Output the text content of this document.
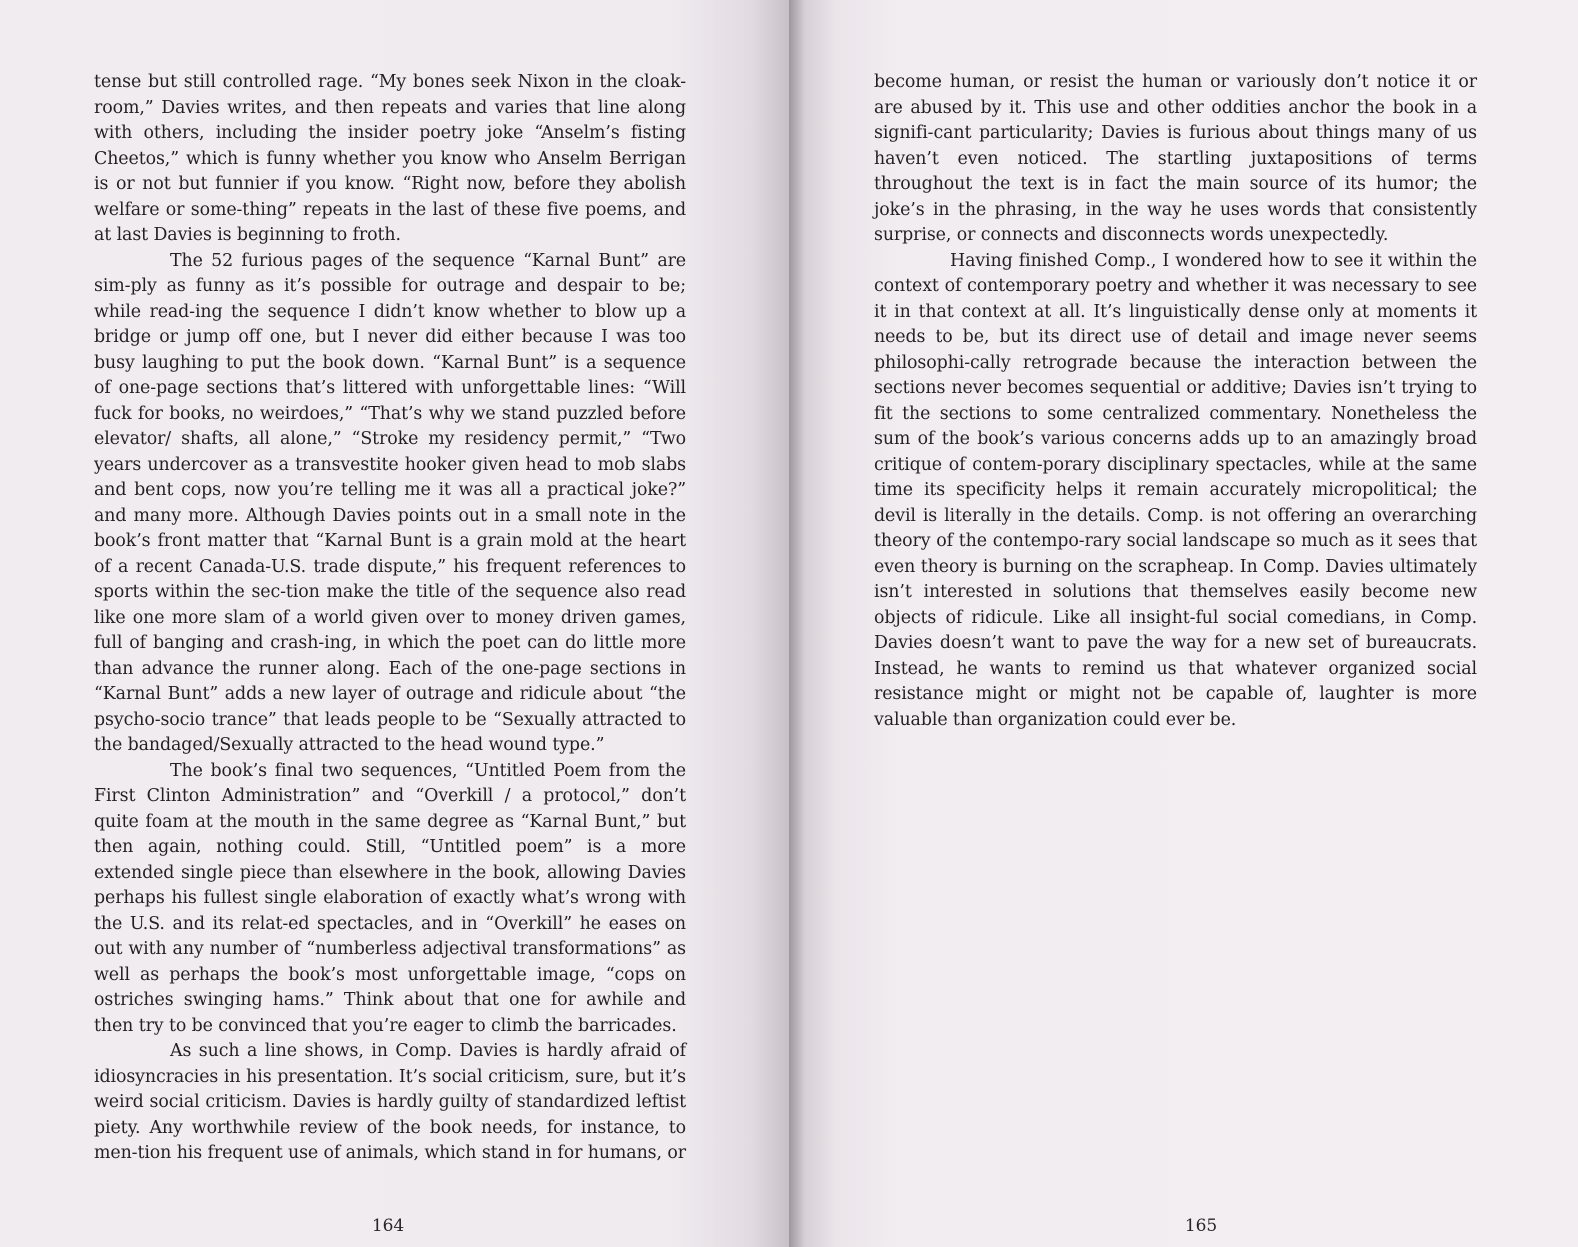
tense but still controlled rage. “My bones seek Nixon in the cloak-room,” Davies writes, and then repeats and varies that line along with others, including the insider poetry joke “Anselm’s fisting Cheetos,” which is funny whether you know who Anselm Berrigan is or not but funnier if you know. “Right now, before they abolish welfare or some-thing” repeats in the last of these five poems, and at last Davies is beginning to froth.

The 52 furious pages of the sequence “Karnal Bunt” are sim-ply as funny as it’s possible for outrage and despair to be; while read-ing the sequence I didn’t know whether to blow up a bridge or jump off one, but I never did either because I was too busy laughing to put the book down. “Karnal Bunt” is a sequence of one-page sections that’s littered with unforgettable lines: “Will fuck for books, no weirdoes,” “That’s why we stand puzzled before elevator/ shafts, all alone,” “Stroke my residency permit,” “Two years undercover as a transvestite hooker given head to mob slabs and bent cops, now you’re telling me it was all a practical joke?” and many more. Although Davies points out in a small note in the book’s front matter that “Karnal Bunt is a grain mold at the heart of a recent Canada-U.S. trade dispute,” his frequent references to sports within the sec-tion make the title of the sequence also read like one more slam of a world given over to money driven games, full of banging and crash-ing, in which the poet can do little more than advance the runner along. Each of the one-page sections in “Karnal Bunt” adds a new layer of outrage and ridicule about “the psycho-socio trance” that leads people to be “Sexually attracted to the bandaged/Sexually attracted to the head wound type.”

The book’s final two sequences, “Untitled Poem from the First Clinton Administration” and “Overkill / a protocol,” don’t quite foam at the mouth in the same degree as “Karnal Bunt,” but then again, nothing could. Still, “Untitled poem” is a more extended single piece than elsewhere in the book, allowing Davies perhaps his fullest single elaboration of exactly what’s wrong with the U.S. and its relat-ed spectacles, and in “Overkill” he eases on out with any number of “numberless adjectival transformations” as well as perhaps the book’s most unforgettable image, “cops on ostriches swinging hams.” Think about that one for awhile and then try to be convinced that you’re eager to climb the barricades.

As such a line shows, in Comp. Davies is hardly afraid of idiosyncracies in his presentation. It’s social criticism, sure, but it’s weird social criticism. Davies is hardly guilty of standardized leftist piety. Any worthwhile review of the book needs, for instance, to men-tion his frequent use of animals, which stand in for humans, or

164

become human, or resist the human or variously don’t notice it or are abused by it. This use and other oddities anchor the book in a signifi-cant particularity; Davies is furious about things many of us haven’t even noticed. The startling juxtapositions of terms throughout the text is in fact the main source of its humor; the joke’s in the phrasing, in the way he uses words that consistently surprise, or connects and disconnects words unexpectedly.

Having finished Comp., I wondered how to see it within the context of contemporary poetry and whether it was necessary to see it in that context at all. It’s linguistically dense only at moments it needs to be, but its direct use of detail and image never seems philosophi-cally retrograde because the interaction between the sections never becomes sequential or additive; Davies isn’t trying to fit the sections to some centralized commentary. Nonetheless the sum of the book’s various concerns adds up to an amazingly broad critique of contem-porary disciplinary spectacles, while at the same time its specificity helps it remain accurately micropolitical; the devil is literally in the details. Comp. is not offering an overarching theory of the contempo-rary social landscape so much as it sees that even theory is burning on the scrapheap. In Comp. Davies ultimately isn’t interested in solutions that themselves easily become new objects of ridicule. Like all insight-ful social comedians, in Comp. Davies doesn’t want to pave the way for a new set of bureaucrats. Instead, he wants to remind us that whatever organized social resistance might or might not be capable of, laughter is more valuable than organization could ever be.

165
